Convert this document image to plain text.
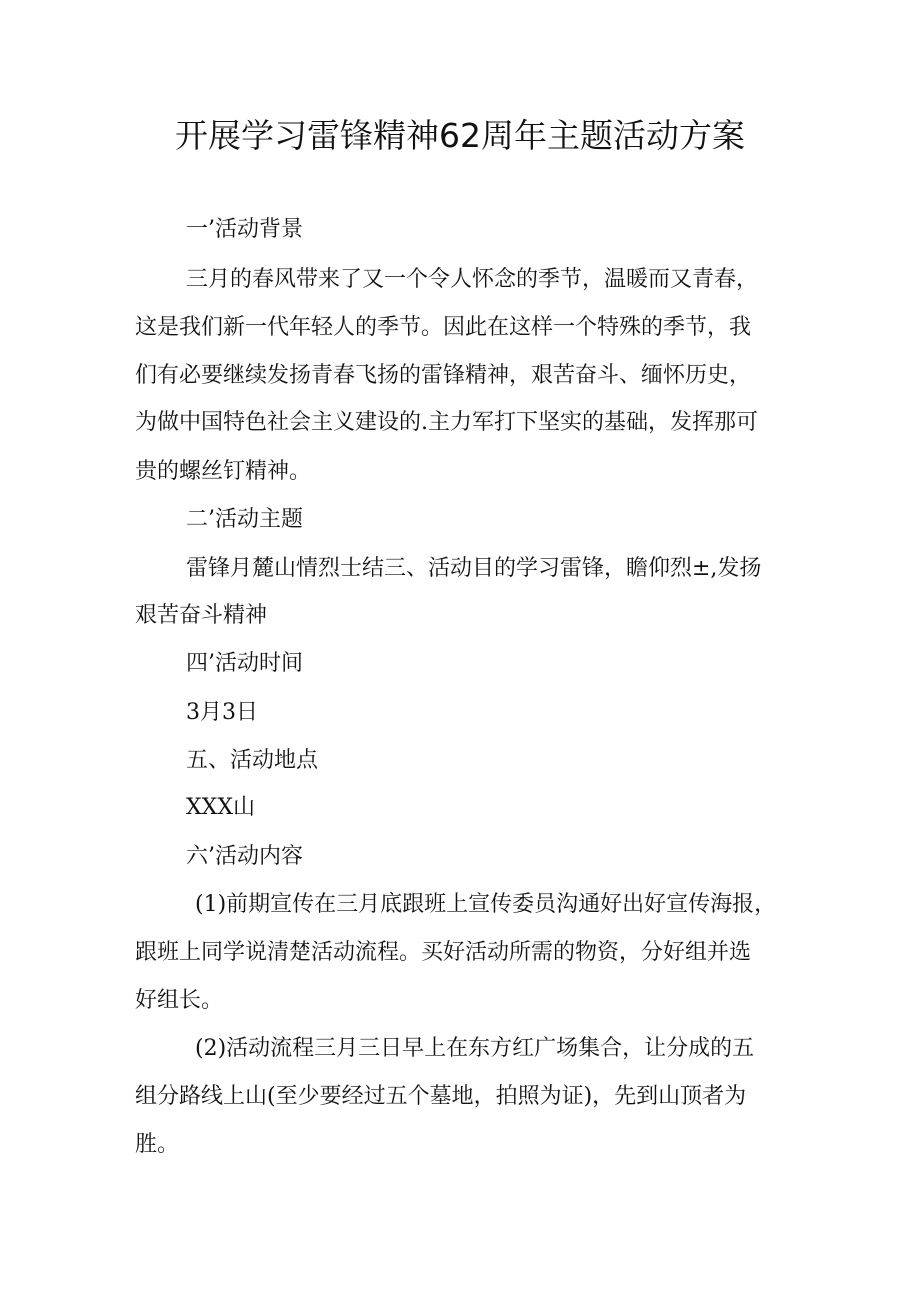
开展学习雷锋精神62周年主题活动方案
一’活动背景
三月的春风带来了又一个令人怀念的季节，温暖而又青春，
这是我们新一代年轻人的季节。因此在这样一个特殊的季节，我
们有必要继续发扬青春飞扬的雷锋精神，艰苦奋斗、缅怀历史，
为做中国特色社会主义建设的.主力军打下坚实的基础，发挥那可
贵的螺丝钉精神。
二’活动主题
雷锋月麓山情烈士结三、活动目的学习雷锋，瞻仰烈±,发扬
艰苦奋斗精神
四’活动时间
3月3日
五、活动地点
XXX山
六’活动内容
(1)前期宣传在三月底跟班上宣传委员沟通好出好宣传海报，
跟班上同学说清楚活动流程。买好活动所需的物资，分好组并选
好组长。
(2)活动流程三月三日早上在东方红广场集合，让分成的五
组分路线上山(至少要经过五个墓地，拍照为证)，先到山顶者为
胜。
